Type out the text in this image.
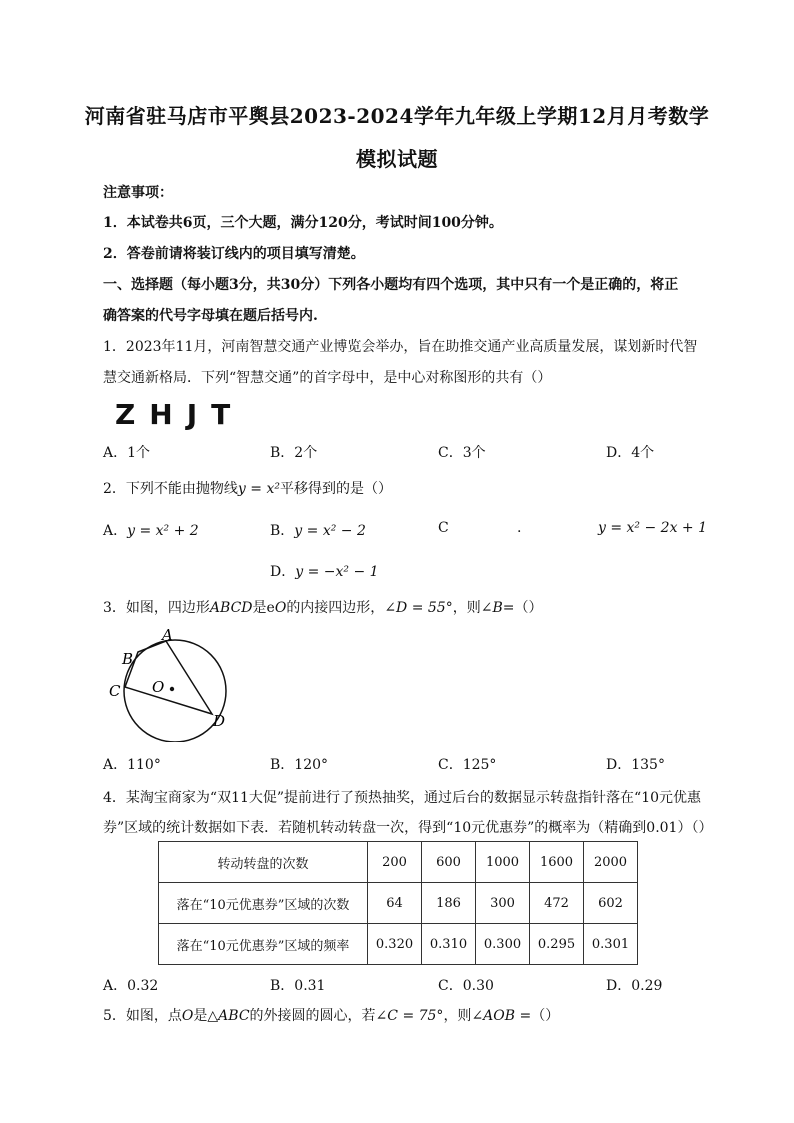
河南省驻马店市平舆县2023-2024学年九年级上学期12月月考数学
模拟试题
注意事项：
1．本试卷共6页，三个大题，满分120分，考试时间100分钟。
2．答卷前请将装订线内的项目填写清楚。
一、选择题（每小题3分，共30分）下列各小题均有四个选项，其中只有一个是正确的，将正
确答案的代号字母填在题后括号内.
1．2023年11月，河南智慧交通产业博览会举办，旨在助推交通产业高质量发展，谋划新时代智
慧交通新格局．下列“智慧交通”的首字母中，是中心对称图形的共有（）
ZHJT
A．1个	B．2个	C．3个	D．4个
2．下列不能由抛物线y = x²平移得到的是（）
A．y = x² + 2	B．y = x² − 2	C	.	y = x² − 2x + 1
D．y = −x² − 1
3．如图，四边形ABCD是eO的内接四边形，∠D = 55°，则∠B=（）
A
B
C
D
O
A．110°	B．120°	C．125°	D．135°
4．某淘宝商家为“双11大促”提前进行了预热抽奖，通过后台的数据显示转盘指针落在“10元优惠
券”区域的统计数据如下表．若随机转动转盘一次，得到“10元优惠券”的概率为（精确到0.01）（）
转动转盘的次数	200	600	1000	1600	2000
落在“10元优惠券”区域的次数	64	186	300	472	602
落在“10元优惠券”区域的频率	0.320	0.310	0.300	0.295	0.301
A．0.32	B．0.31	C．0.30	D．0.29
5．如图，点O是△ABC的外接圆的圆心，若∠C = 75°，则∠AOB =（）
